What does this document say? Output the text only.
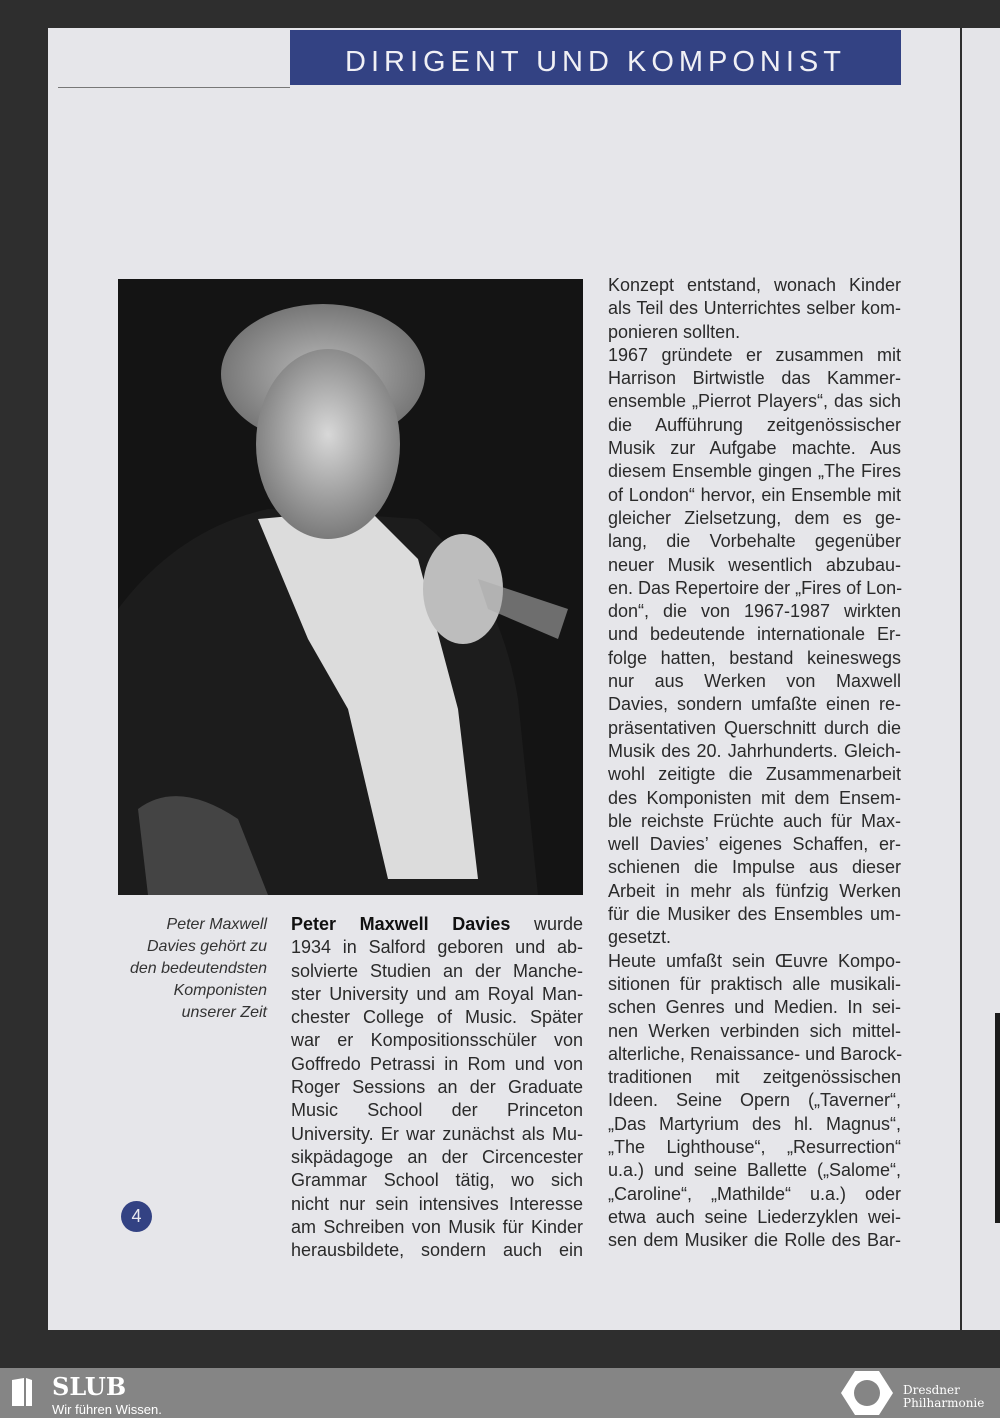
DIRIGENT UND KOMPONIST
Peter Maxwell
Davies gehört zu
den bedeutendsten
Komponisten
unserer Zeit
4
Peter Maxwell Davies wurde
1934 in Salford geboren und ab-
solvierte Studien an der Manche-
ster University und am Royal Man-
chester College of Music. Später
war er Kompositionsschüler von
Goffredo Petrassi in Rom und von
Roger Sessions an der Graduate
Music School der Princeton
University. Er war zunächst als Mu-
sikpädagoge an der Circencester
Grammar School tätig, wo sich
nicht nur sein intensives Interesse
am Schreiben von Musik für Kinder
herausbildete, sondern auch ein
Konzept entstand, wonach Kinder
als Teil des Unterrichtes selber kom-
ponieren sollten.
1967 gründete er zusammen mit
Harrison Birtwistle das Kammer-
ensemble „Pierrot Players“, das sich
die Aufführung zeitgenössischer
Musik zur Aufgabe machte. Aus
diesem Ensemble gingen „The Fires
of London“ hervor, ein Ensemble mit
gleicher Zielsetzung, dem es ge-
lang, die Vorbehalte gegenüber
neuer Musik wesentlich abzubau-
en. Das Repertoire der „Fires of Lon-
don“, die von 1967-1987 wirkten
und bedeutende internationale Er-
folge hatten, bestand keineswegs
nur aus Werken von Maxwell
Davies, sondern umfaßte einen re-
präsentativen Querschnitt durch die
Musik des 20. Jahrhunderts. Gleich-
wohl zeitigte die Zusammenarbeit
des Komponisten mit dem Ensem-
ble reichste Früchte auch für Max-
well Davies’ eigenes Schaffen, er-
schienen die Impulse aus dieser
Arbeit in mehr als fünfzig Werken
für die Musiker des Ensembles um-
gesetzt.
Heute umfaßt sein Œuvre Kompo-
sitionen für praktisch alle musikali-
schen Genres und Medien. In sei-
nen Werken verbinden sich mittel-
alterliche, Renaissance- und Barock-
traditionen mit zeitgenössischen
Ideen. Seine Opern („Taverner“,
„Das Martyrium des hl. Magnus“,
„The Lighthouse“, „Resurrection“
u.a.) und seine Ballette („Salome“,
„Caroline“, „Mathilde“ u.a.) oder
etwa auch seine Liederzyklen wei-
sen dem Musiker die Rolle des Bar-
SLUB
Wir führen Wissen.
Dresdner
Philharmonie
